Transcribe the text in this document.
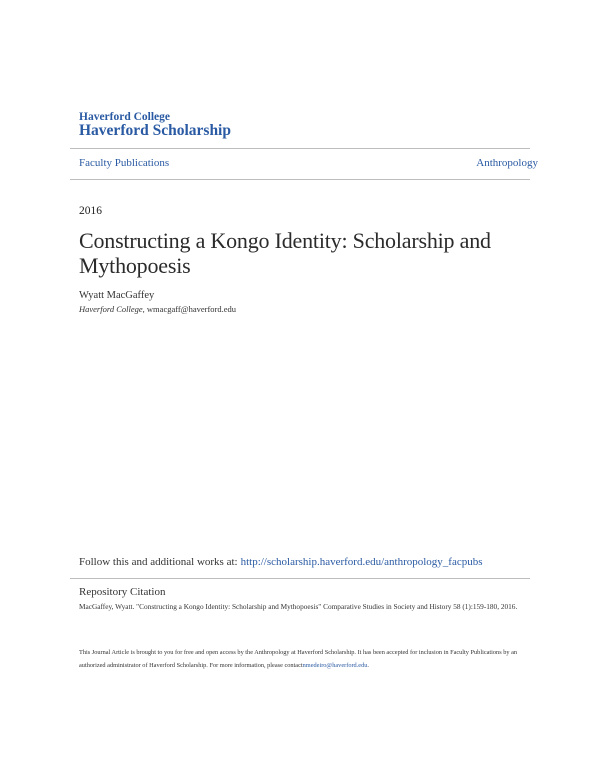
Haverford College
Haverford Scholarship
Faculty Publications	Anthropology
2016
Constructing a Kongo Identity: Scholarship and Mythopoesis
Wyatt MacGaffey
Haverford College, wmacgaff@haverford.edu
Follow this and additional works at: http://scholarship.haverford.edu/anthropology_facpubs
Repository Citation
MacGaffey, Wyatt. "Constructing a Kongo Identity: Scholarship and Mythopoesis" Comparative Studies in Society and History 58 (1):159-180, 2016.
This Journal Article is brought to you for free and open access by the Anthropology at Haverford Scholarship. It has been accepted for inclusion in Faculty Publications by an authorized administrator of Haverford Scholarship. For more information, please contactnmedeiro@haverford.edu.
